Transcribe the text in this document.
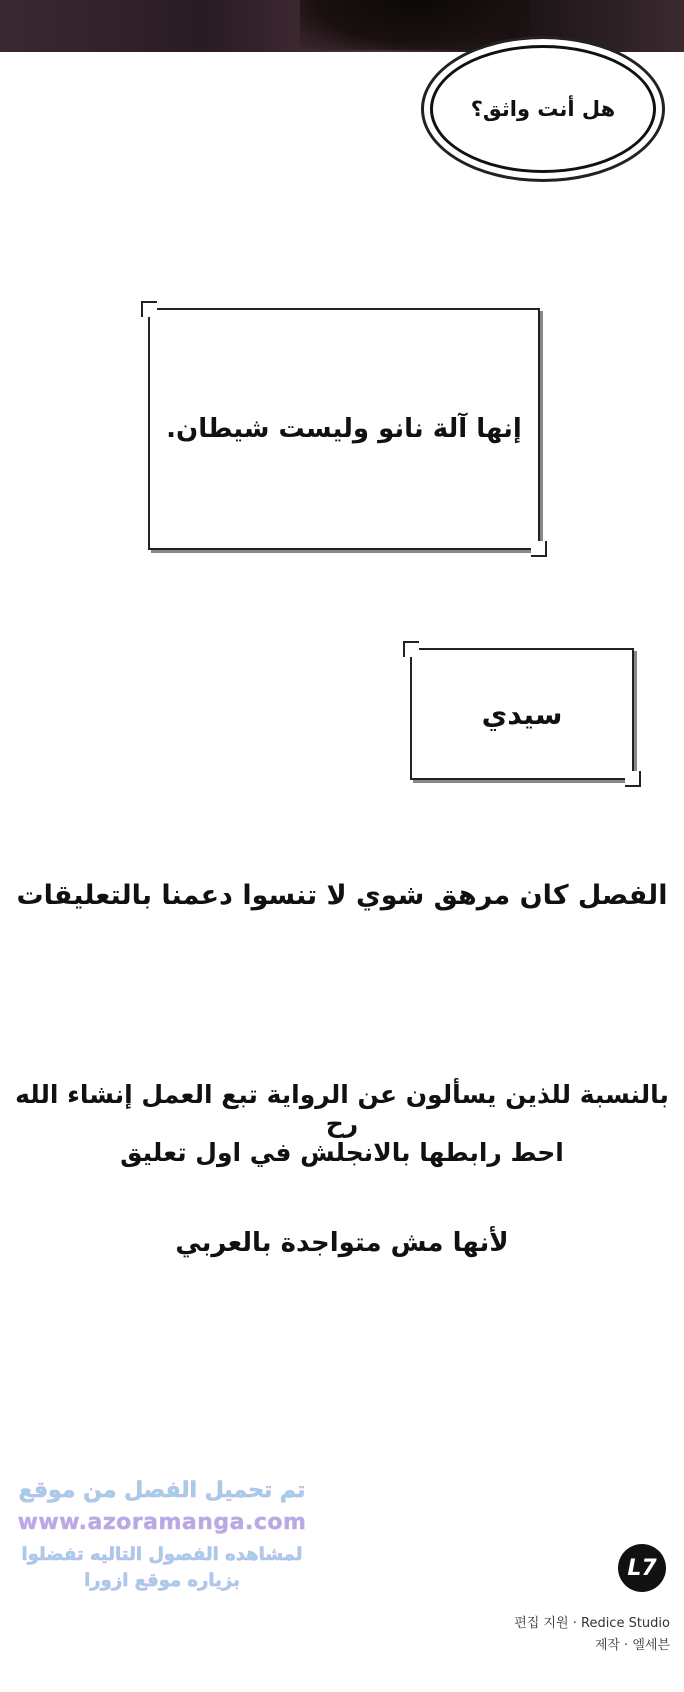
هل أنت واثق؟
إنها آلة نانو وليست شيطان.
سيدي
الفصل كان مرهق شوي لا تنسوا دعمنا بالتعليقات
بالنسبة للذين يسألون عن الرواية تبع العمل إنشاء الله رح
احط رابطها بالانجلش في اول تعليق
لأنها مش متواجدة بالعربي
تم تحميل الفصل من موقع
www.azoramanga.com
لمشاهده الفصول التاليه تفضلوا
بزياره موقع ازورا	L7
편집 지원 · Redice Studio
제작 · 엘세븐
